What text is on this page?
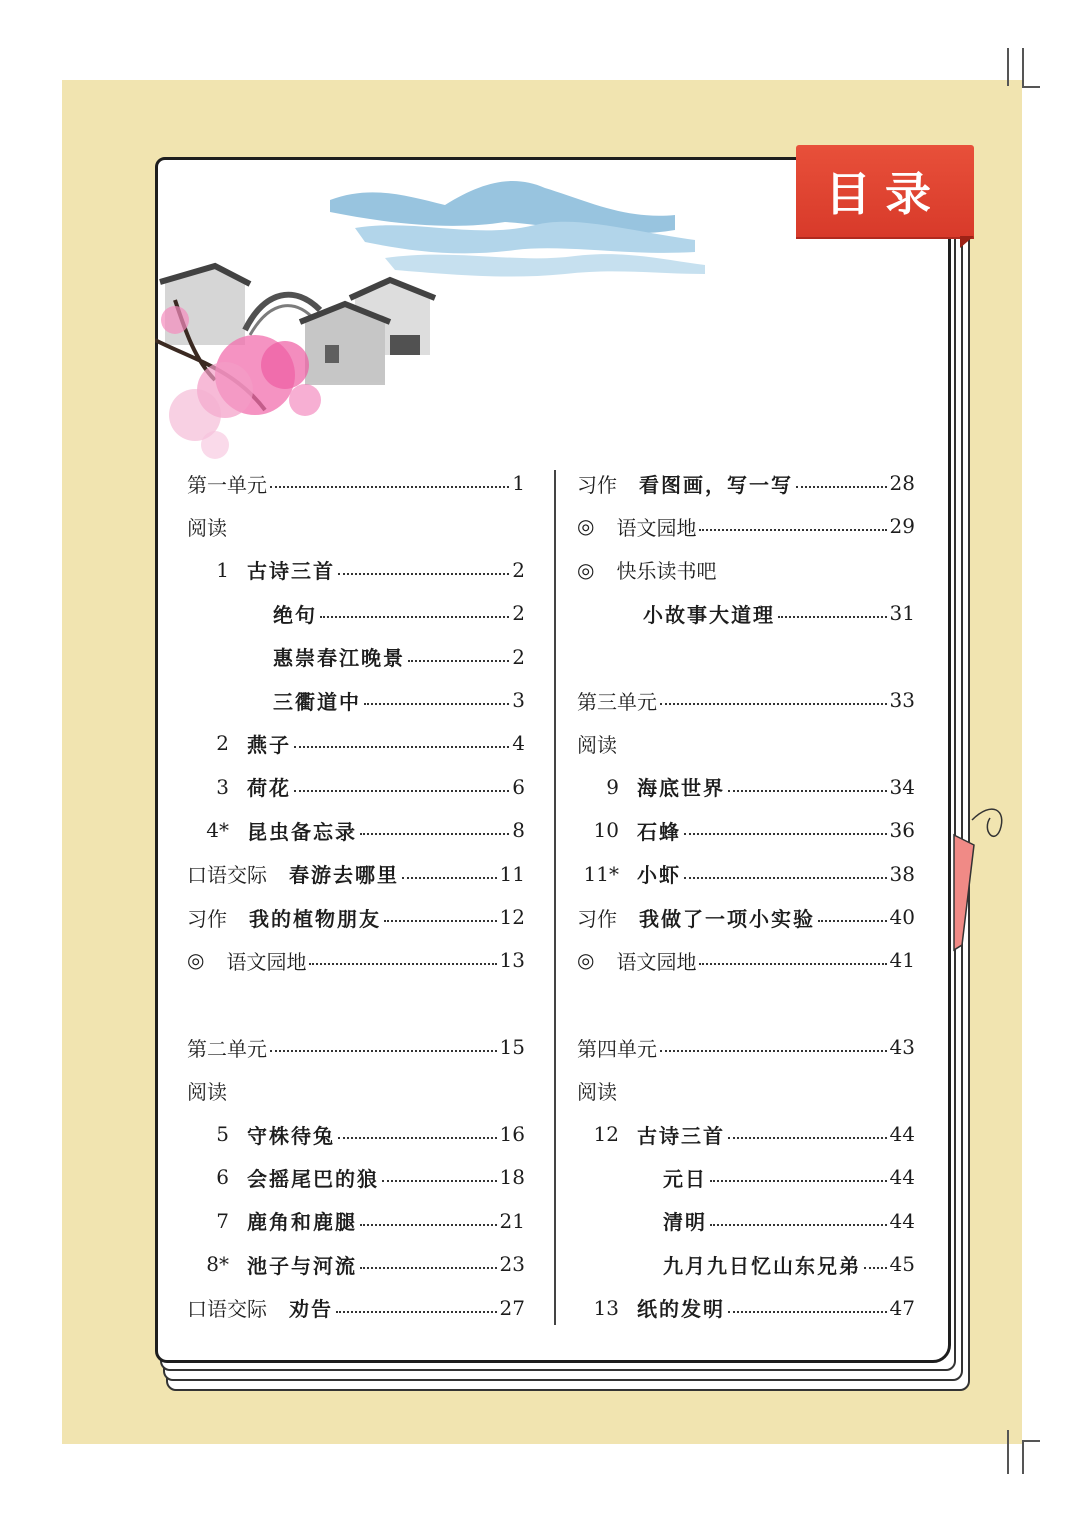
目录
第一单元	1
阅读
1 古诗三首	2
绝句	2
惠崇春江晚景	2
三衢道中	3
2 燕子	4
3 荷花	6
4* 昆虫备忘录	8
口语交际 春游去哪里	11
习作 我的植物朋友	12
◎ 语文园地	13
第二单元	15
阅读
5 守株待兔	16
6 会摇尾巴的狼	18
7 鹿角和鹿腿	21
8* 池子与河流	23
口语交际 劝告	27
习作 看图画，写一写	28
◎ 语文园地	29
◎ 快乐读书吧
小故事大道理	31
第三单元	33
阅读
9 海底世界	34
10 石蜂	36
11* 小虾	38
习作 我做了一项小实验	40
◎ 语文园地	41
第四单元	43
阅读
12 古诗三首	44
元日	44
清明	44
九月九日忆山东兄弟 45
13 纸的发明	47
